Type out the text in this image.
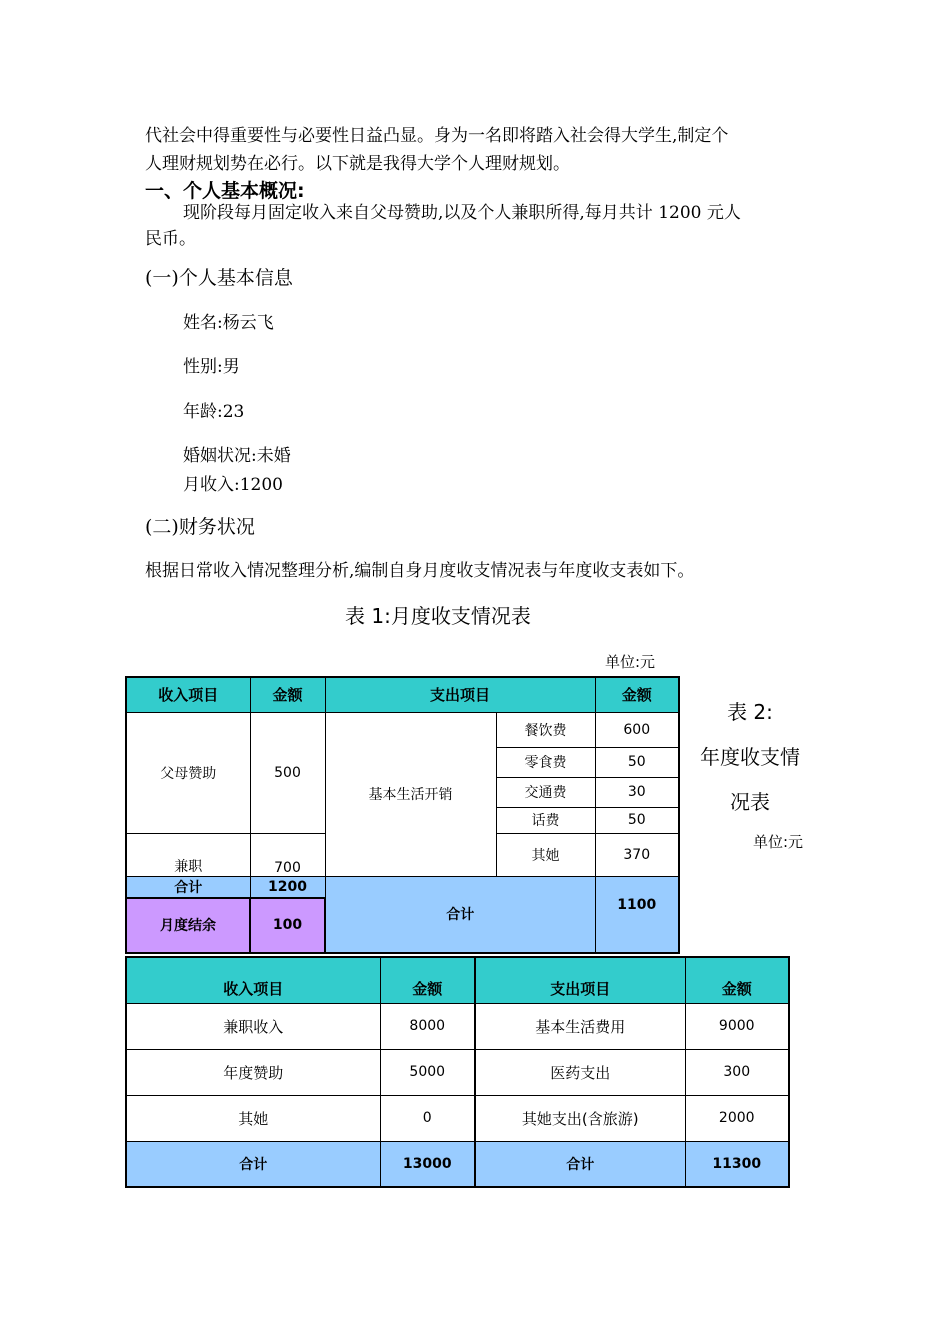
代社会中得重要性与必要性日益凸显。身为一名即将踏入社会得大学生,制定个
人理财规划势在必行。以下就是我得大学个人理财规划。
一、个人基本概况:
现阶段每月固定收入来自父母赞助,以及个人兼职所得,每月共计 1200 元人
民币。
(一)个人基本信息
姓名:杨云飞
性别:男
年龄:23
婚姻状况:未婚
月收入:1200
(二)财务状况
根据日常收入情况整理分析,编制自身月度收支情况表与年度收支表如下。
表 1:月度收支情况表
单位:元
收入项目	金额	支出项目		金额
父母赞助	500	基本生活开销	餐饮费	600
			零食费	50
			交通费	30
			话费	50
兼职	700		其她	370
合计	1200	合计		1100
月度结余	100			
表 2:
年度收支情
况表
单位:元
收入项目	金额	支出项目	金额
兼职收入	8000	基本生活费用	9000
年度赞助	5000	医药支出	300
其她	0	其她支出(含旅游)	2000
合计	13000	合计	11300
